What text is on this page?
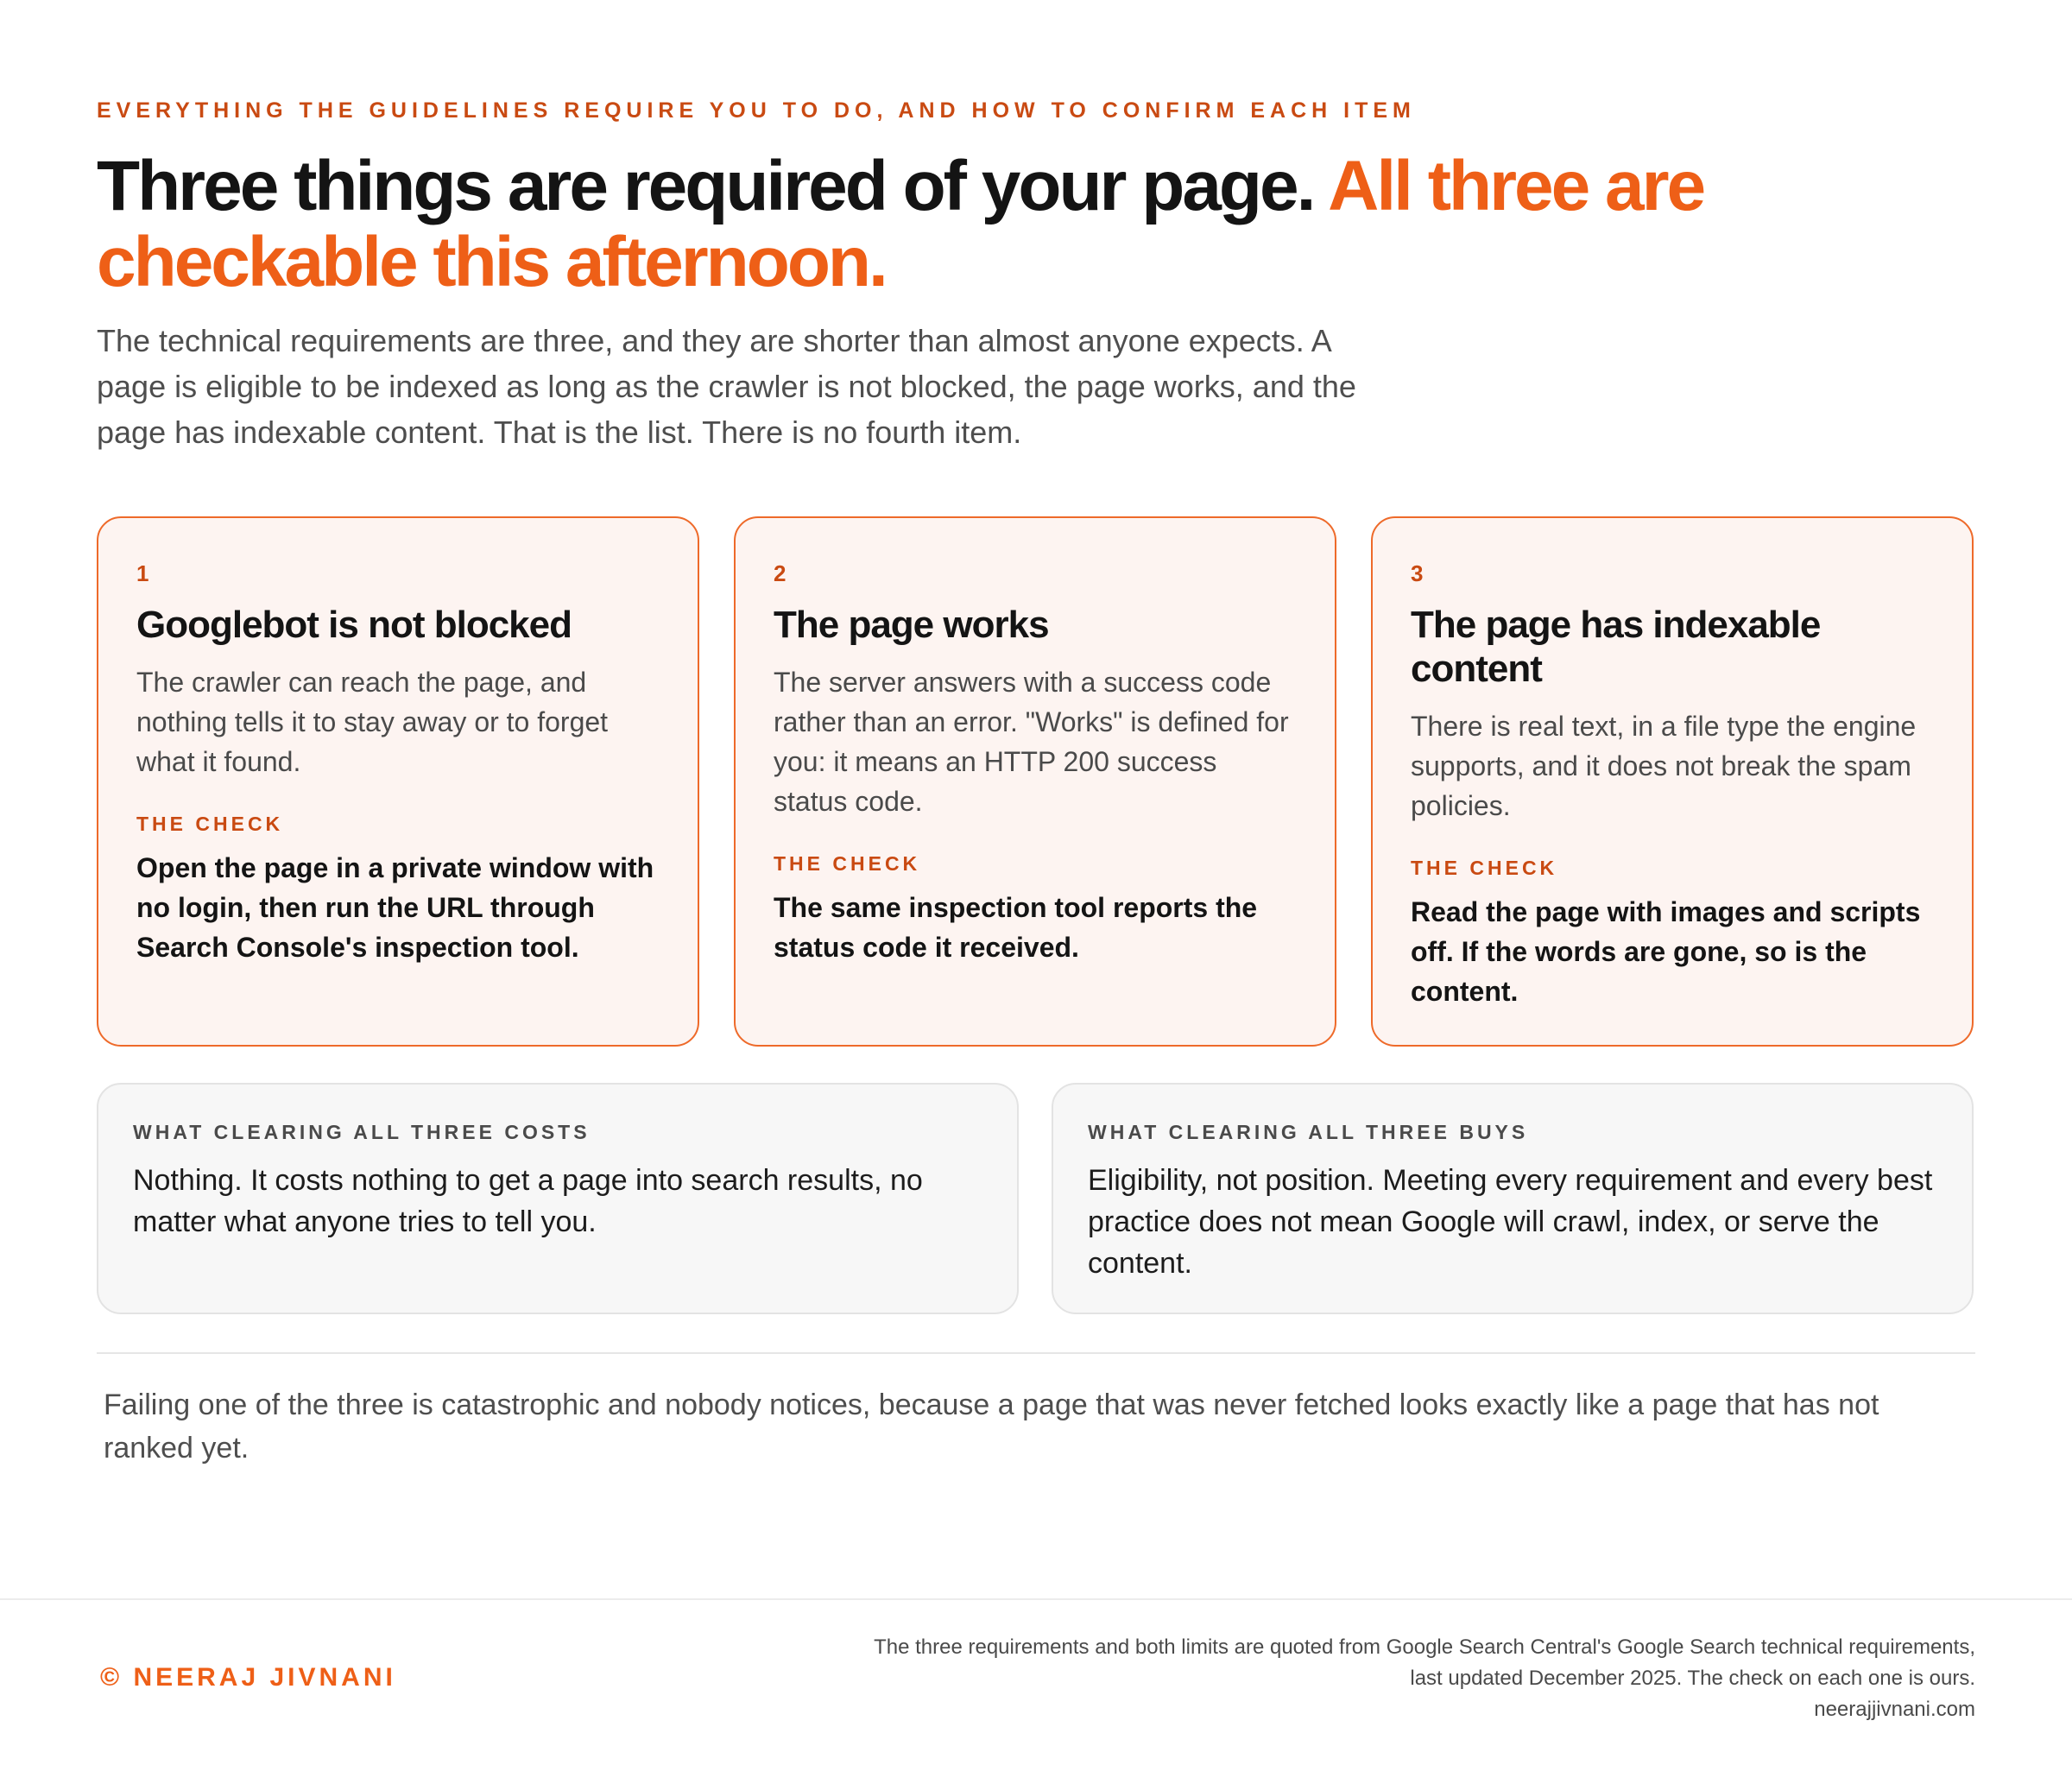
EVERYTHING THE GUIDELINES REQUIRE YOU TO DO, AND HOW TO CONFIRM EACH ITEM
Three things are required of your page. All three are checkable this afternoon.

The technical requirements are three, and they are shorter than almost anyone expects. A page is eligible to be indexed as long as the crawler is not blocked, the page works, and the page has indexable content. That is the list. There is no fourth item.

1
Googlebot is not blocked
The crawler can reach the page, and nothing tells it to stay away or to forget what it found.
THE CHECK
Open the page in a private window with no login, then run the URL through Search Console's inspection tool.
2
The page works
The server answers with a success code rather than an error. "Works" is defined for you: it means an HTTP 200 success status code.
THE CHECK
The same inspection tool reports the status code it received.
3
The page has indexable content
There is real text, in a file type the engine supports, and it does not break the spam policies.
THE CHECK
Read the page with images and scripts off. If the words are gone, so is the content.
WHAT CLEARING ALL THREE COSTS
Nothing. It costs nothing to get a page into search results, no matter what anyone tries to tell you.
WHAT CLEARING ALL THREE BUYS
Eligibility, not position. Meeting every requirement and every best practice does not mean Google will crawl, index, or serve the content.

Failing one of the three is catastrophic and nobody notices, because a page that was never fetched looks exactly like a page that has not ranked yet.

© NEERAJ JIVNANI
The three requirements and both limits are quoted from Google Search Central's Google Search technical requirements,
last updated December 2025. The check on each one is ours.
neerajjivnani.com
